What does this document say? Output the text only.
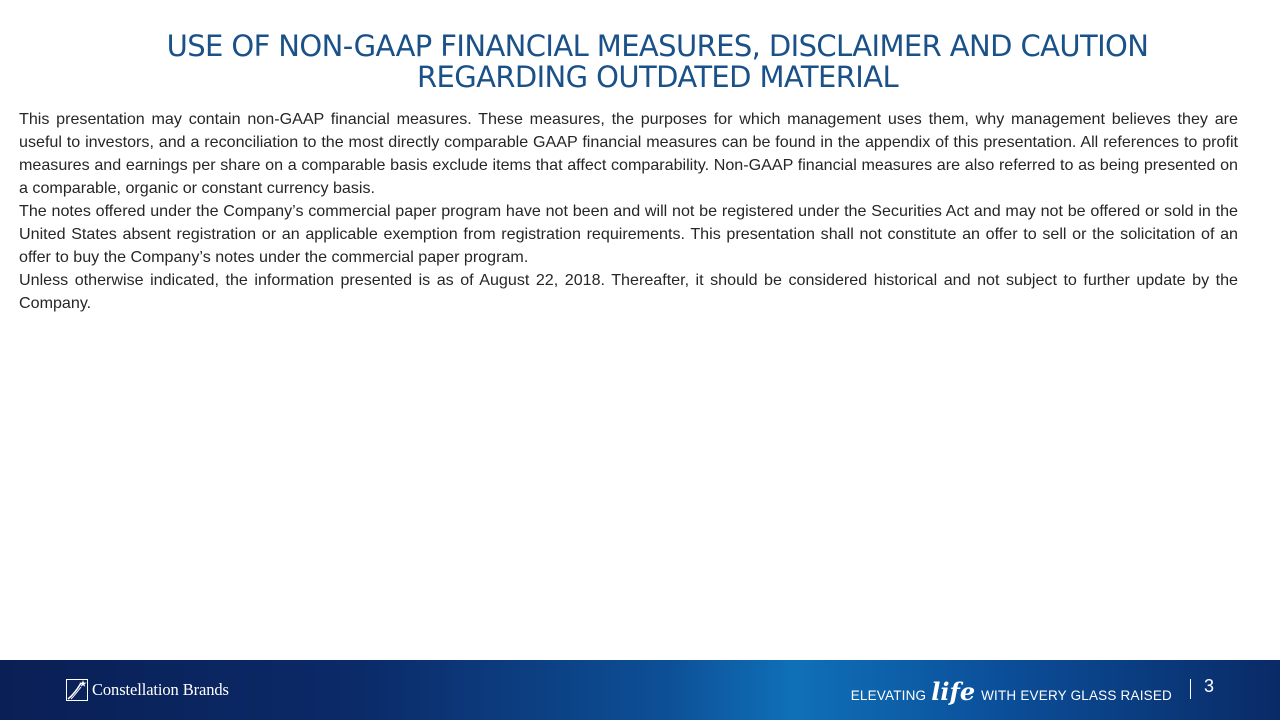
USE OF NON-GAAP FINANCIAL MEASURES, DISCLAIMER AND CAUTION
REGARDING OUTDATED MATERIAL

This presentation may contain non-GAAP financial measures. These measures, the purposes for which management uses them, why management believes they are useful to investors, and a reconciliation to the most directly comparable GAAP financial measures can be found in the appendix of this presentation. All references to profit measures and earnings per share on a comparable basis exclude items that affect comparability. Non-GAAP financial measures are also referred to as being presented on a comparable, organic or constant currency basis.

The notes offered under the Company’s commercial paper program have not been and will not be registered under the Securities Act and may not be offered or sold in the United States absent registration or an applicable exemption from registration requirements. This presentation shall not constitute an offer to sell or the solicitation of an offer to buy the Company’s notes under the commercial paper program.

Unless otherwise indicated, the information presented is as of August 22, 2018. Thereafter, it should be considered historical and not subject to further update by the Company.

Constellation Brands	ELEVATING life WITH EVERY GLASS RAISED 3
